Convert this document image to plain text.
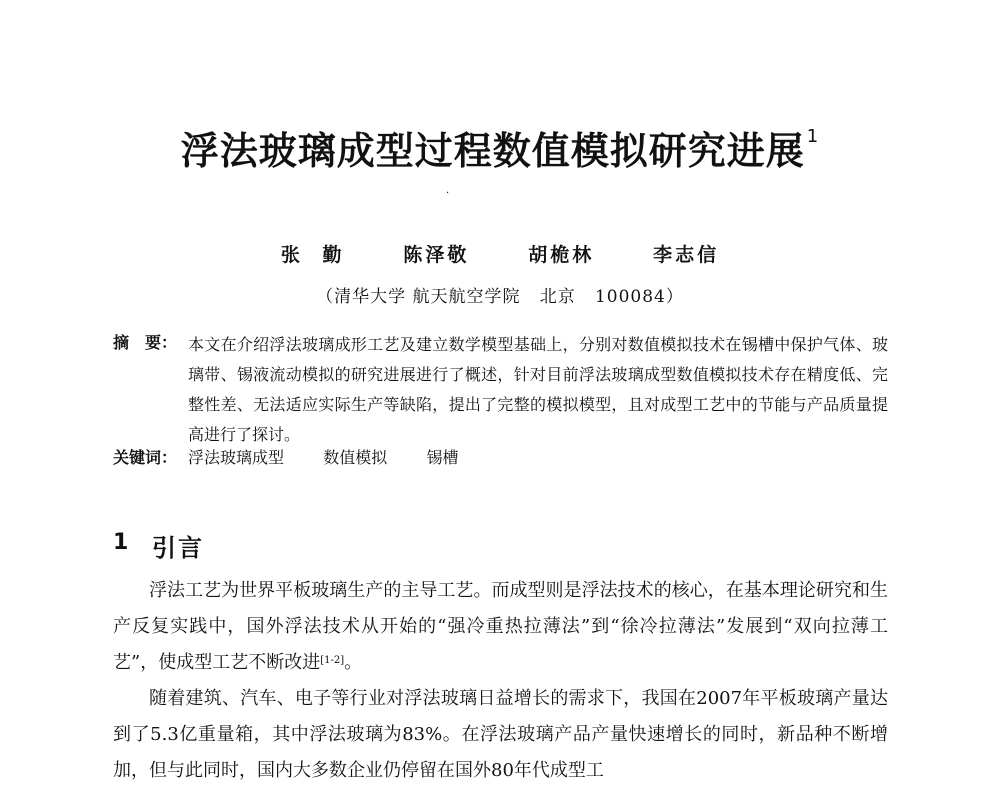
浮法玻璃成型过程数值模拟研究进展 $^1$
·
张 勤   陈泽敬   胡桅林   李志信
（清华大学 航天航空学院   北京   100084）
摘　要： 本文在介绍浮法玻璃成形工艺及建立数学模型基础上，分别对数值模拟技术在锡槽中保护气体、玻璃带、锡液流动模拟的研究进展进行了概述，针对目前浮法玻璃成型数值模拟技术存在精度低、完整性差、无法适应实际生产等缺陷，提出了完整的模拟模型，且对成型工艺中的节能与产品质量提高进行了探讨。
关键词： 浮法玻璃成型   数值模拟   锡槽
1 引言

浮法工艺为世界平板玻璃生产的主导工艺。而成型则是浮法技术的核心，在基本理论研究和生产反复实践中，国外浮法技术从开始的“强冷重热拉薄法”到“徐冷拉薄法”发展到“双向拉薄工艺”，使成型工艺不断改进[1-2]。

随着建筑、汽车、电子等行业对浮法玻璃日益增长的需求下，我国在2007年平板玻璃产量达到了5.3亿重量箱，其中浮法玻璃为83%。在浮法玻璃产品产量快速增长的同时，新品种不断增加，但与此同时，国内大多数企业仍停留在国外80年代成型工
